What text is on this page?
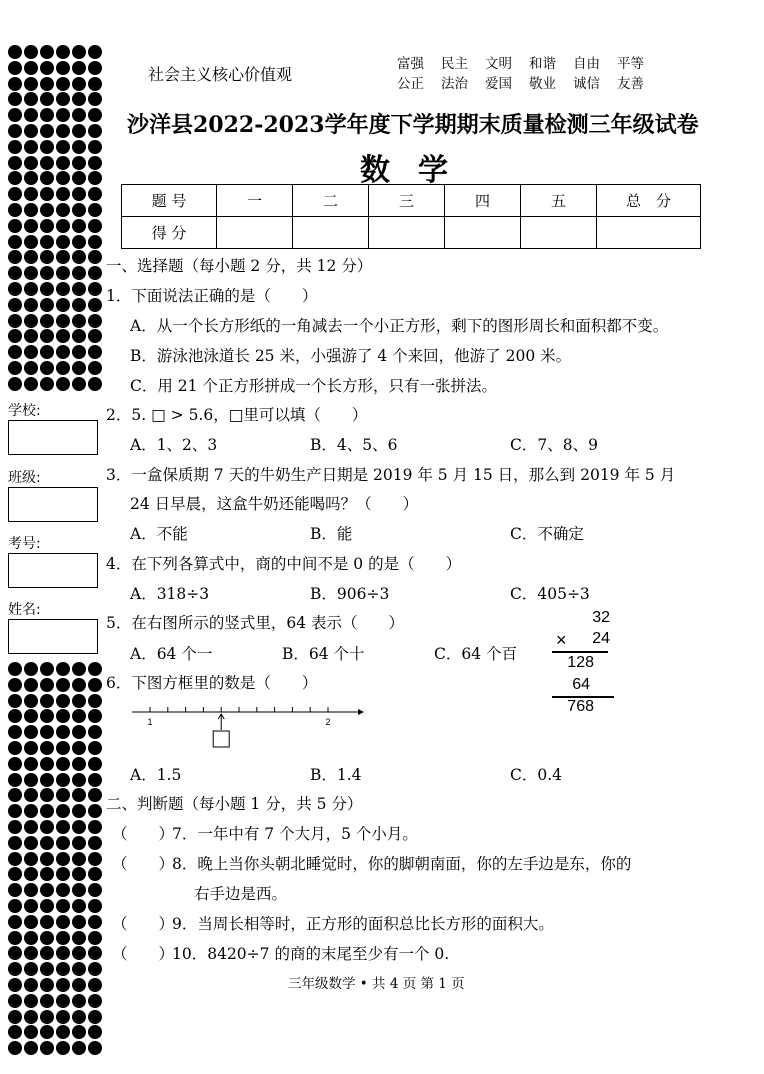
学校:
班级:
考号:
姓名:
社会主义核心价值观
富强 民主 文明 和谐 自由 平等
公正 法治 爱国 敬业 诚信 友善
沙洋县2022-2023学年度下学期期末质量检测三年级试卷
数学
题 号	一	二	三	四	五	总　分
得 分						
一、选择题（每小题 2 分，共 12 分）
1．下面说法正确的是（　　）
A．从一个长方形纸的一角减去一个小正方形，剩下的图形周长和面积都不变。
B．游泳池泳道长 25 米，小强游了 4 个来回，他游了 200 米。
C．用 21 个正方形拼成一个长方形，只有一张拼法。
2．5. □ > 5.6，□里可以填（　　）
A．1、2、3	B．4、5、6	C．7、8、9
3．一盒保质期 7 天的牛奶生产日期是 2019 年 5 月 15 日，那么到 2019 年 5 月
24 日早晨，这盒牛奶还能喝吗？（　　）
A．不能	B．能	C．不确定
4．在下列各算式中，商的中间不是 0 的是（　　）
A．318÷3	B．906÷3	C．405÷3
5．在右图所示的竖式里，64 表示（　　）
A．64 个一	B．64 个十	C．64 个百
32
× 24
128
64
768
6．下图方框里的数是（　　）
1	2
A．1.5	B．1.4	C．0.4
二、判断题（每小题 1 分，共 5 分）
（　　）
7．一年中有 7 个大月，5 个小月。
（　　）
8．晚上当你头朝北睡觉时，你的脚朝南面，你的左手边是东，你的
右手边是西。
（　　）
9．当周长相等时，正方形的面积总比长方形的面积大。
（　　）
10．8420÷7 的商的末尾至少有一个 0.
三年级数学 • 共 4 页 第 1 页
